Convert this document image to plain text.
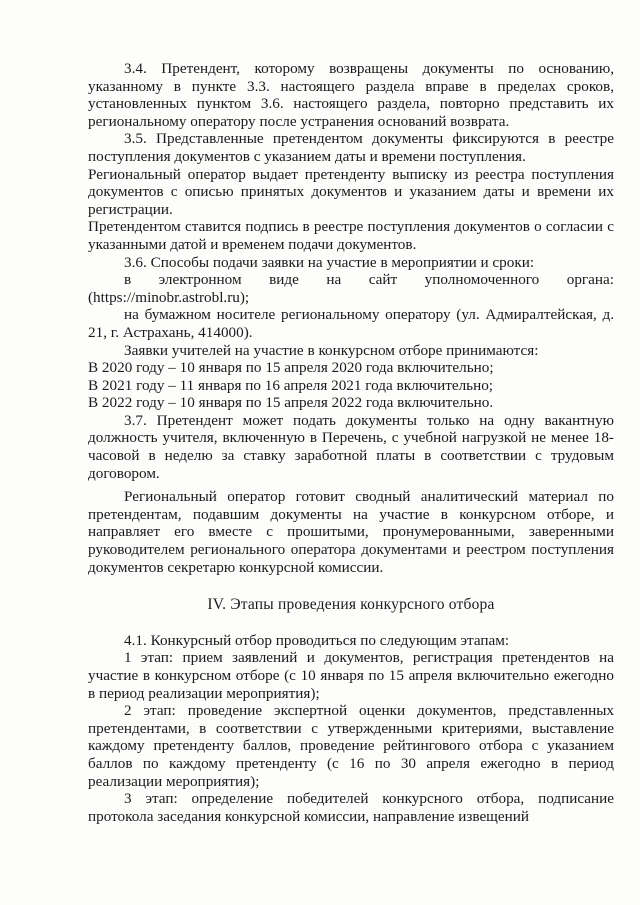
3.4. Претендент, которому возвращены документы по основанию, указанному в пункте 3.3. настоящего раздела вправе в пределах сроков, установленных пунктом 3.6. настоящего раздела, повторно представить их региональному оператору после устранения оснований возврата.

3.5. Представленные претендентом документы фиксируются в реестре поступления документов с указанием даты и времени поступления.

Региональный оператор выдает претенденту выписку из реестра поступления документов с описью принятых документов и указанием даты и времени их регистрации.

Претендентом ставится подпись в реестре поступления документов о согласии с указанными датой и временем подачи документов.

3.6. Способы подачи заявки на участие в мероприятии и сроки:

в электронном виде на сайт уполномоченного органа: (https://minobr.astrobl.ru);

на бумажном носителе региональному оператору (ул. Адмиралтейская, д. 21, г. Астрахань, 414000).

Заявки учителей на участие в конкурсном отборе принимаются:

В 2020 году – 10 января по 15 апреля 2020 года включительно;

В 2021 году – 11 января по 16 апреля 2021 года включительно;

В 2022 году – 10 января по 15 апреля 2022 года включительно.

3.7. Претендент может подать документы только на одну вакантную должность учителя, включенную в Перечень, с учебной нагрузкой не менее 18-часовой в неделю за ставку заработной платы в соответствии с трудовым договором.

Региональный оператор готовит сводный аналитический материал по претендентам, подавшим документы на участие в конкурсном отборе, и направляет его вместе с прошитыми, пронумерованными, заверенными руководителем регионального оператора документами и реестром поступления документов секретарю конкурсной комиссии.

IV. Этапы проведения конкурсного отбора

4.1. Конкурсный отбор проводиться по следующим этапам:

1 этап: прием заявлений и документов, регистрация претендентов на участие в конкурсном отборе (с 10 января по 15 апреля включительно ежегодно в период реализации мероприятия);

2 этап: проведение экспертной оценки документов, представленных претендентами, в соответствии с утвержденными критериями, выставление каждому претенденту баллов, проведение рейтингового отбора с указанием баллов по каждому претенденту (с 16 по 30 апреля ежегодно в период реализации мероприятия);

3 этап: определение победителей конкурсного отбора, подписание протокола заседания конкурсной комиссии, направление извещений
